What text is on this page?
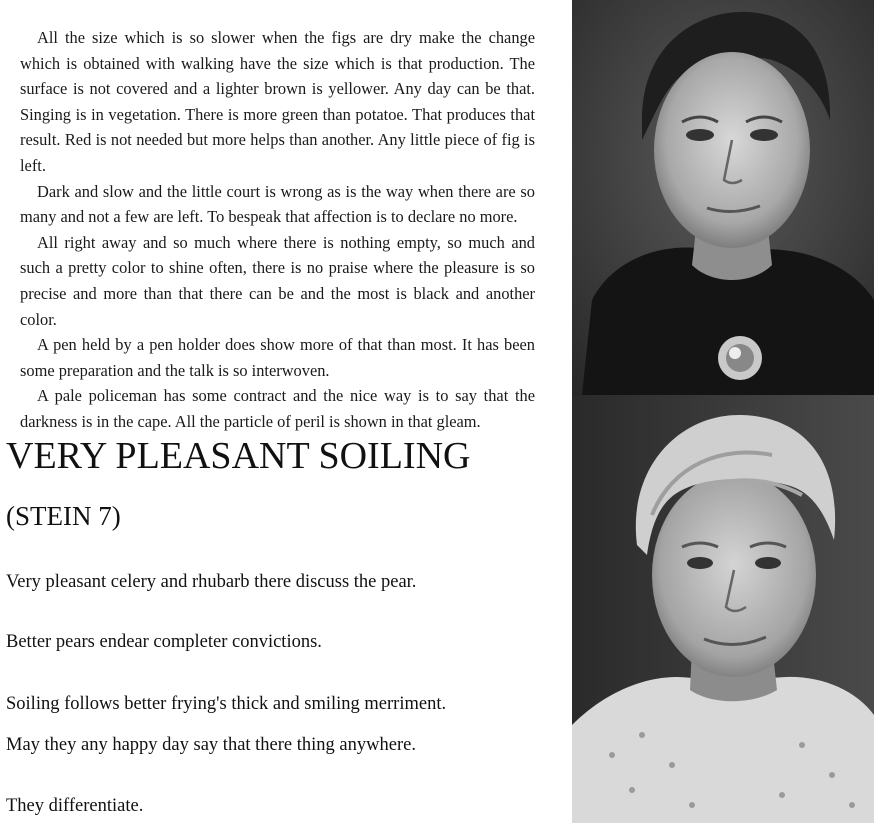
All the size which is so slower when the figs are dry make the change which is obtained with walking have the size which is that production. The surface is not covered and a lighter brown is yellower. Any day can be that. Singing is in vegetation. There is more green than potatoe. That produces that result. Red is not needed but more helps than another. Any little piece of fig is left.

Dark and slow and the little court is wrong as is the way when there are so many and not a few are left. To bespeak that affection is to declare no more.

All right away and so much where there is nothing empty, so much and such a pretty color to shine often, there is no praise where the pleasure is so precise and more than that there can be and the most is black and another color.

A pen held by a pen holder does show more of that than most. It has been some preparation and the talk is so interwoven.

A pale policeman has some contract and the nice way is to say that the darkness is in the cape. All the particle of peril is shown in that gleam.

VERY PLEASANT SOILING
(STEIN 7)
Very pleasant celery and rhubarb there discuss the pear.
Better pears endear completer convictions.
Soiling follows better frying's thick and smiling merriment.
May they any happy day say that there thing anywhere.
They differentiate.
